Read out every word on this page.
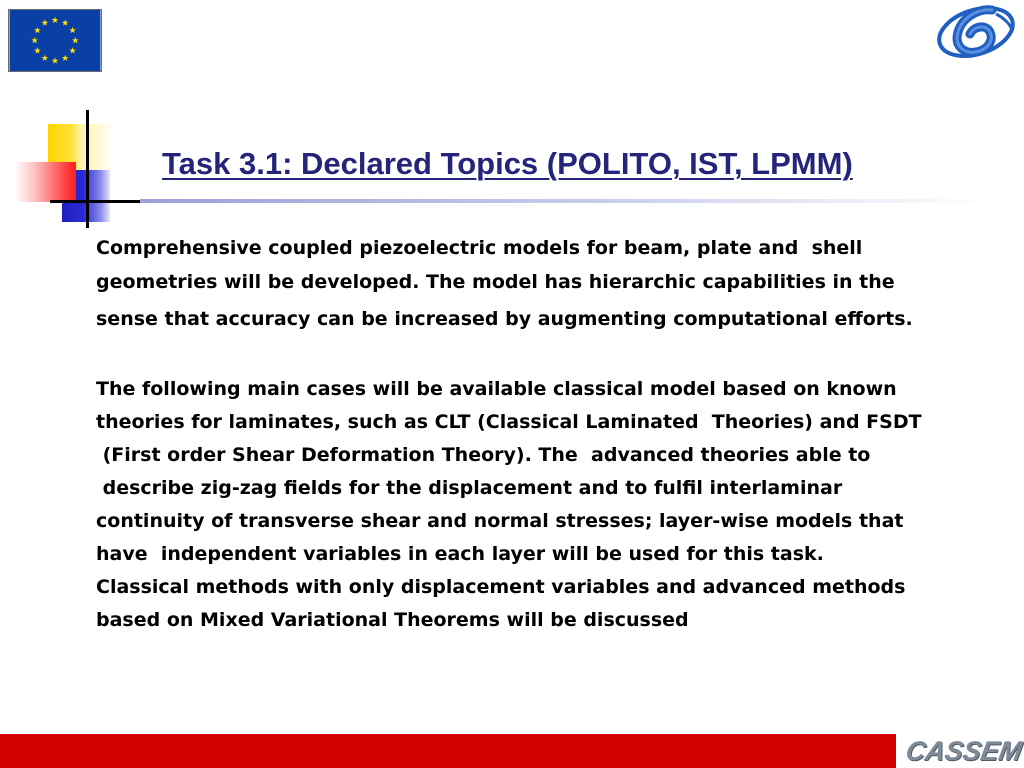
Task 3.1: Declared Topics (POLITO, IST, LPMM)
Comprehensive coupled piezoelectric models for beam, plate and  shell
geometries will be developed. The model has hierarchic capabilities in the
sense that accuracy can be increased by augmenting computational efforts.
The following main cases will be available classical model based on known
theories for laminates, such as CLT (Classical Laminated  Theories) and FSDT
(First order Shear Deformation Theory). The  advanced theories able to
describe zig-zag fields for the displacement and to fulfil interlaminar
continuity of transverse shear and normal stresses; layer-wise models that
have  independent variables in each layer will be used for this task.
Classical methods with only displacement variables and advanced methods
based on Mixed Variational Theorems will be discussed
CASSEM
